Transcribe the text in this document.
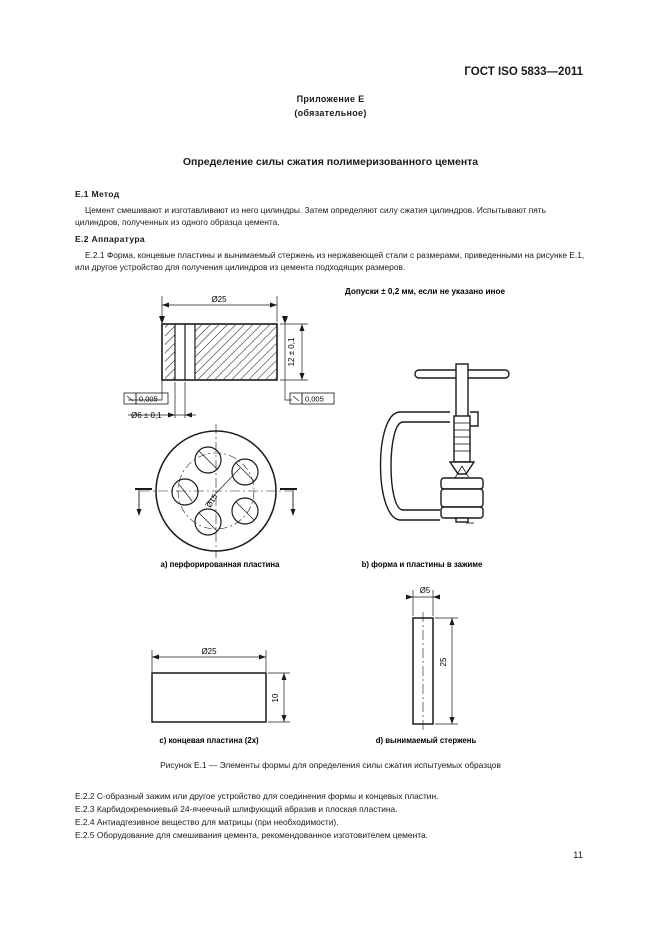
ГОСТ ISO 5833—2011
Приложение Е
(обязательное)
Определение силы сжатия полимеризованного цемента
Е.1 Метод
Цемент смешивают и изготавливают из него цилиндры. Затем определяют силу сжатия цилиндров. Испытывают пять цилиндров, полученных из одного образца цемента.
Е.2 Аппаратура
Е.2.1 Форма, концевые пластины и вынимаемый стержень из нержавеющей стали с размерами, приведенными на рисунке Е.1, или другое устройство для получения цилиндров из цемента подходящих размеров.
Допуски ± 0,2 мм, если не указано иное
Ø25
12 ± 0,1
0,005	0,005
Ø6 ± 0,1
Ø15
a) перфорированная пластина	b) форма и пластины в зажиме
Ø5
25
d) вынимаемый стержень
Ø25
10
c) концевая пластина (2x)
Рисунок Е.1 — Элементы формы для определения силы сжатия испытуемых образцов
Е.2.2 С-образный зажим или другое устройство для соединения формы и концевых пластин.
Е.2.3 Карбидокремниевый 24-ячеечный шлифующий абразив и плоская пластина.
Е.2.4 Антиадгезивное вещество для матрицы (при необходимости).
Е.2.5 Оборудование для смешивания цемента, рекомендованное изготовителем цемента.
11
